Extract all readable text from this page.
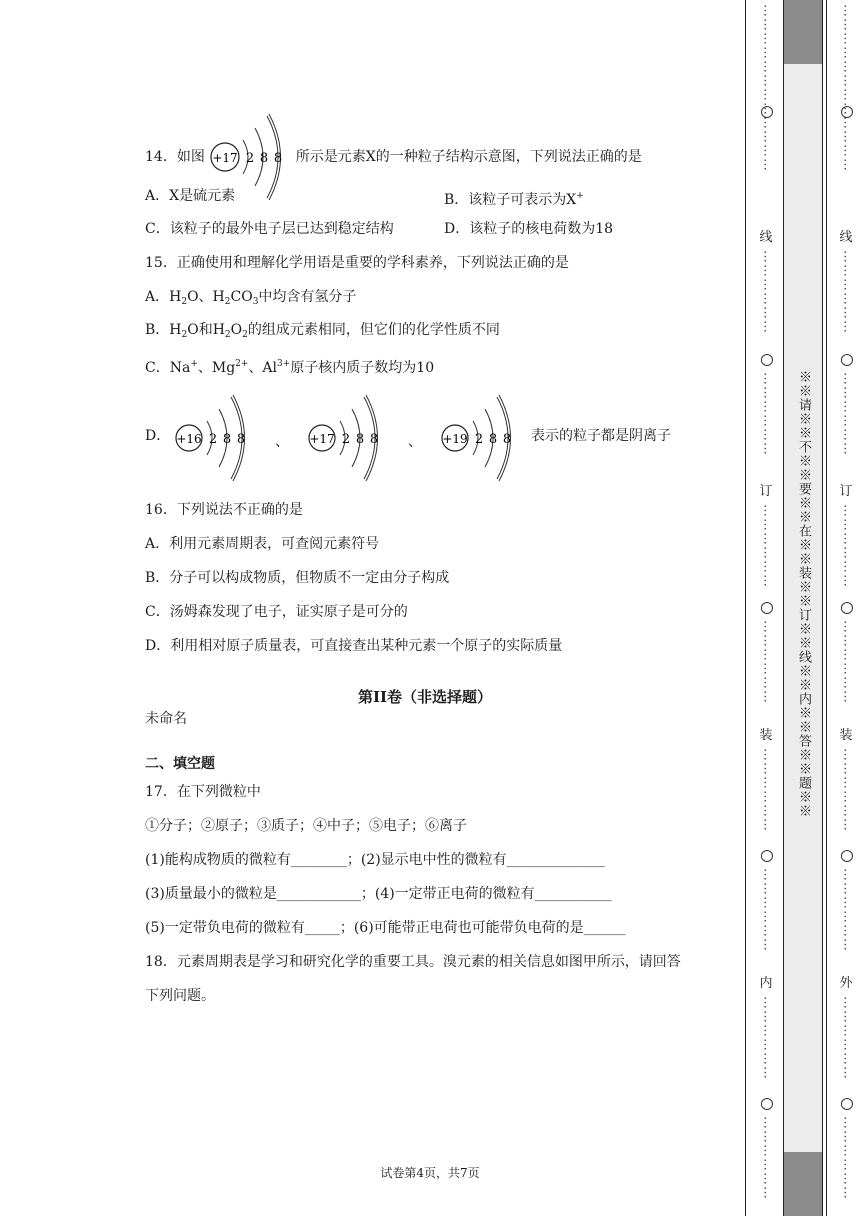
14．如图 +17 2 8 8 所示是元素X的一种粒子结构示意图，下列说法正确的是
A．X是硫元素	B．该粒子可表示为X+
C．该粒子的最外电子层已达到稳定结构	D．该粒子的核电荷数为18
15．正确使用和理解化学用语是重要的学科素养，下列说法正确的是
A．$H_2O$、$H_2CO_3$中均含有氢分子
B．$H_2O$和$H_2O_2$的组成元素相同，但它们的化学性质不同
C．Na+、$Mg^{2+}$、$Al^{3+}$原子核内质子数均为10
D． +16 2 8 8 、 +17 2 8 8 、 +19 2 8 8 表示的粒子都是阴离子
16．下列说法不正确的是
A．利用元素周期表，可查阅元素符号
B．分子可以构成物质，但物质不一定由分子构成
C．汤姆森发现了电子，证实原子是可分的
D．利用相对原子质量表，可直接查出某种元素一个原子的实际质量
第II卷（非选择题）
未命名
二、填空题
17．在下列微粒中
①分子；②原子；③质子；④中子；⑤电子；⑥离子
(1)能构成物质的微粒有________；(2)显示电中性的微粒有______________
(3)质量最小的微粒是____________；(4)一定带正电荷的微粒有___________
(5)一定带负电荷的微粒有_____；(6)可能带正电荷也可能带负电荷的是______
18．元素周期表是学习和研究化学的重要工具。溴元素的相关信息如图甲所示，请回答
下列问题。
试卷第4页，共7页
⋯⋯⋯⋯⋯⋯⋯⋯⋯⋯⋯⋯
线
⋯⋯⋯⋯⋯⋯
⋯⋯⋯⋯⋯⋯
订
⋯⋯⋯⋯⋯⋯
⋯⋯⋯⋯⋯⋯
装
⋯⋯⋯⋯⋯⋯
⋯⋯⋯⋯⋯⋯
内
⋯⋯⋯⋯⋯⋯
⋯⋯⋯⋯⋯⋯
※※请※※不※※要※※在※※装※※订※※线※※内※※答※※题※※
⋯⋯⋯⋯⋯⋯⋯⋯⋯⋯⋯⋯
线
⋯⋯⋯⋯⋯⋯
⋯⋯⋯⋯⋯⋯
订
⋯⋯⋯⋯⋯⋯
⋯⋯⋯⋯⋯⋯
装
⋯⋯⋯⋯⋯⋯
⋯⋯⋯⋯⋯⋯
外
⋯⋯⋯⋯⋯⋯
⋯⋯⋯⋯⋯⋯
